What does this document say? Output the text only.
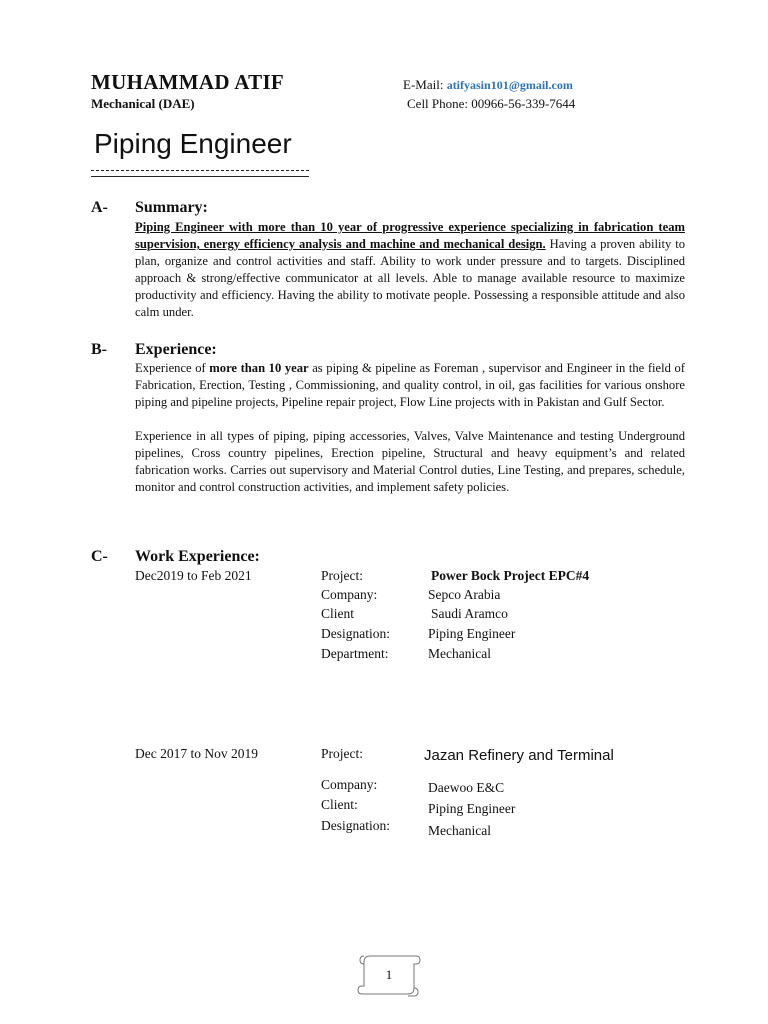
MUHAMMAD ATIF
Mechanical (DAE)
E-Mail: atifyasin101@gmail.com
Cell Phone: 00966-56-339-7644
Piping Engineer
A- Summary:
Piping Engineer with more than 10 year of progressive experience specializing in fabrication team supervision, energy efficiency analysis and machine and mechanical design. Having a proven ability to plan, organize and control activities and staff. Ability to work under pressure and to targets. Disciplined approach & strong/effective communicator at all levels. Able to manage available resource to maximize productivity and efficiency. Having the ability to motivate people. Possessing a responsible attitude and also calm under.
B- Experience:
Experience of more than 10 year as piping & pipeline as Foreman , supervisor and Engineer in the field of Fabrication, Erection, Testing , Commissioning, and quality control, in oil, gas facilities for various onshore piping and pipeline projects, Pipeline repair project, Flow Line projects with in Pakistan and Gulf Sector.
Experience in all types of piping, piping accessories, Valves, Valve Maintenance and testing Underground pipelines, Cross country pipelines, Erection pipeline, Structural and heavy equipment’s and related fabrication works. Carries out supervisory and Material Control duties, Line Testing, and prepares, schedule, monitor and control construction activities, and implement safety policies.
C- Work Experience:
Dec2019 to Feb 2021	Project:	Power Bock Project EPC#4
Company:	Sepco Arabia
Client	Saudi Aramco
Designation:	Piping Engineer
Department:	Mechanical
Dec 2017 to Nov 2019	Project:	Jazan Refinery and Terminal
Company:	Daewoo E&C
Client:	Piping Engineer
Designation:	Mechanical
1
